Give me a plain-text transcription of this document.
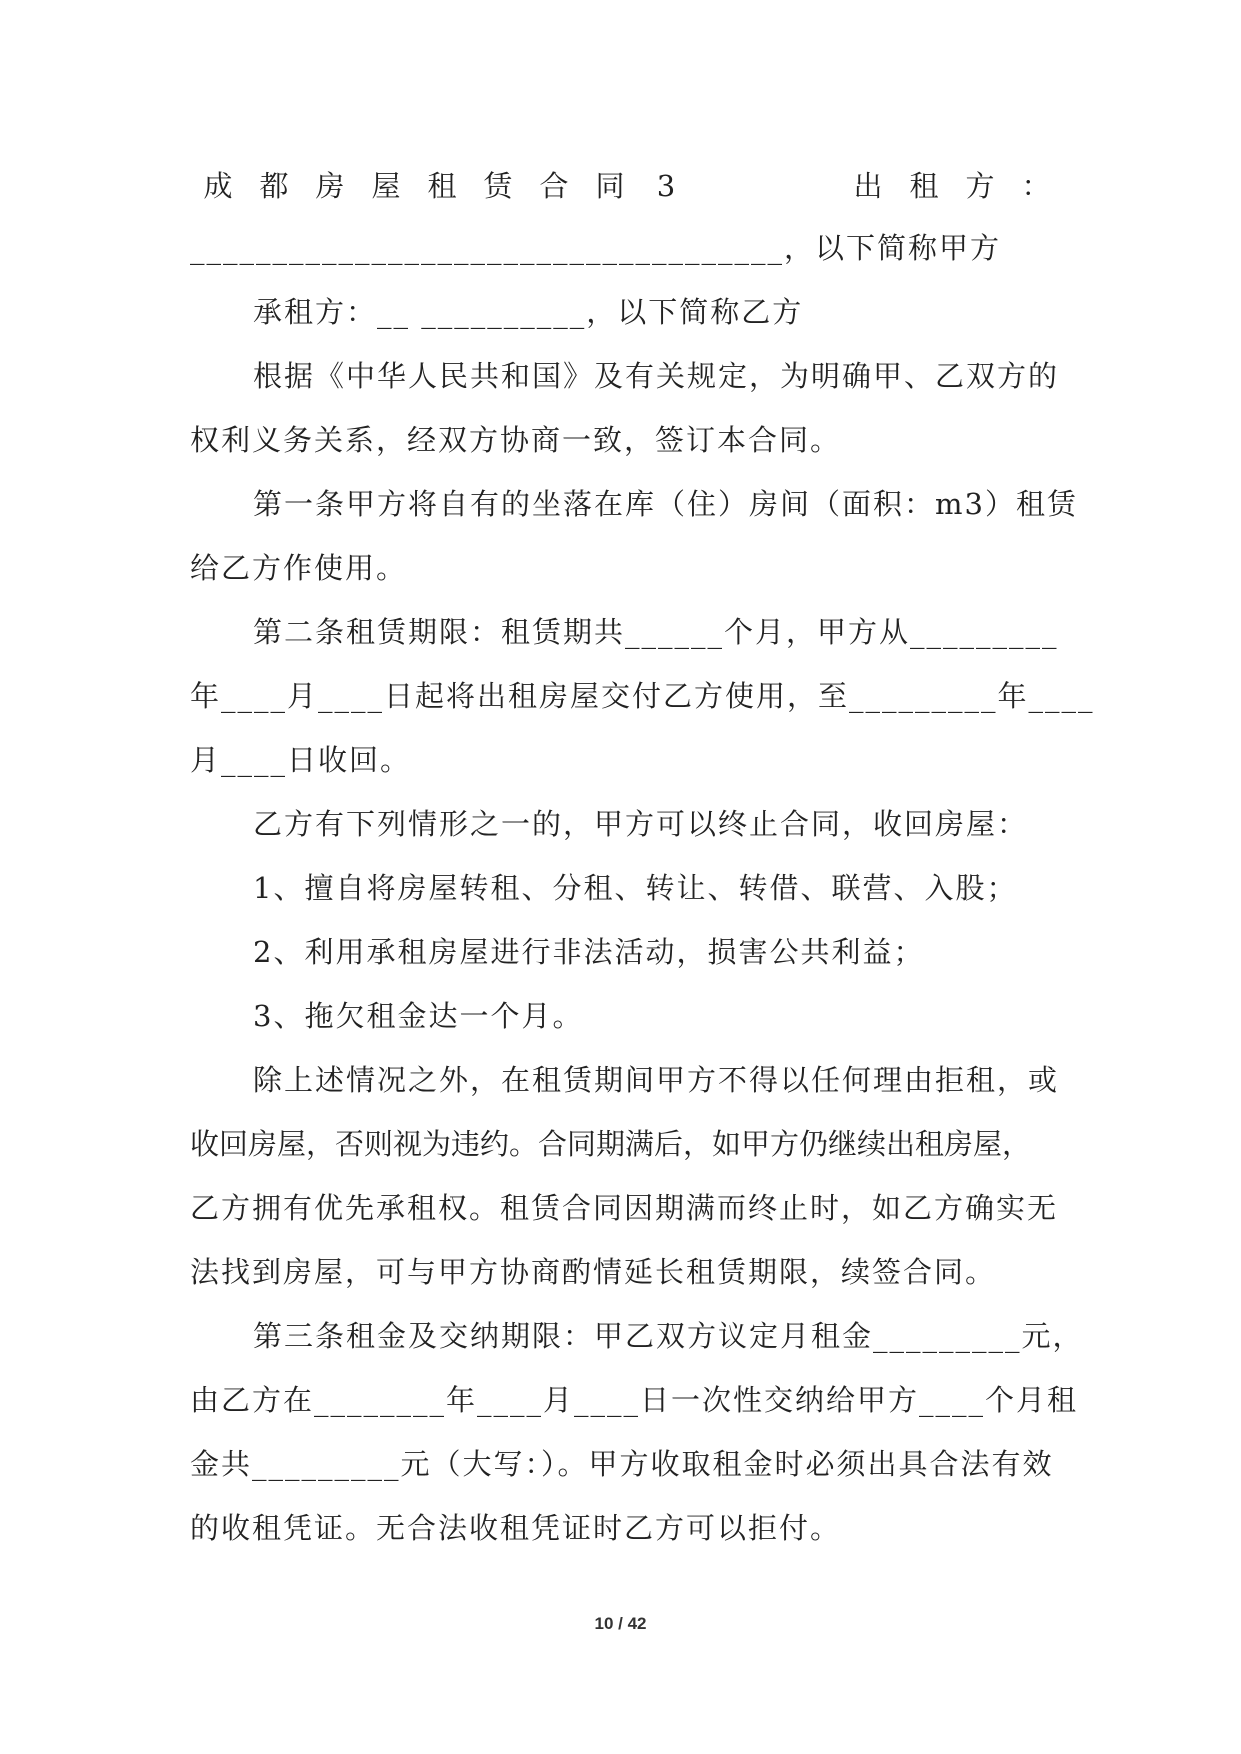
成 都 房 屋 租 赁 合 同 3	出 租 方 ：
____________________________________，以下简称甲方
承租方：__ __________，以下简称乙方
根据《中华人民共和国》及有关规定，为明确甲、乙双方的
权利义务关系，经双方协商一致，签订本合同。
第一条甲方将自有的坐落在库（住）房间（面积：m3）租赁
给乙方作使用。
第二条租赁期限：租赁期共______个月，甲方从_________
年____月____日起将出租房屋交付乙方使用，至_________年____
月____日收回。
乙方有下列情形之一的，甲方可以终止合同，收回房屋：
1、擅自将房屋转租、分租、转让、转借、联营、入股；
2、利用承租房屋进行非法活动，损害公共利益；
3、拖欠租金达一个月。
除上述情况之外，在租赁期间甲方不得以任何理由拒租，或
收回房屋，否则视为违约。合同期满后，如甲方仍继续出租房屋，
乙方拥有优先承租权。租赁合同因期满而终止时，如乙方确实无
法找到房屋，可与甲方协商酌情延长租赁期限，续签合同。
第三条租金及交纳期限：甲乙双方议定月租金_________元，
由乙方在________年____月____日一次性交纳给甲方____个月租
金共_________元（大写：）。甲方收取租金时必须出具合法有效
的收租凭证。无合法收租凭证时乙方可以拒付。
10 / 42
